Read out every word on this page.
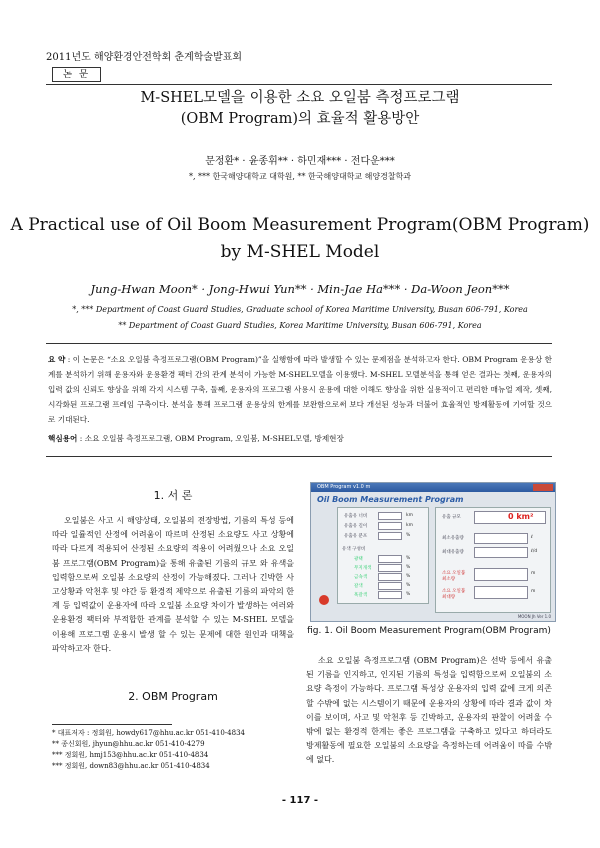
2011년도 해양환경안전학회 춘계학술발표회
논 문
M-SHEL모델을 이용한 소요 오일붐 측정프로그램
(OBM Program)의 효율적 활용방안
문정환* · 윤종휘** · 하민재*** · 전다운***
*, *** 한국해양대학교 대학원, ** 한국해양대학교 해양경찰학과
A Practical use of Oil Boom Measurement Program(OBM Program)
by M-SHEL Model
Jung-Hwan Moon* · Jong-Hwui Yun** · Min-Jae Ha*** · Da-Woon Jeon***
*, *** Department of Coast Guard Studies, Graduate school of Korea Maritime University, Busan 606-791, Korea
** Department of Coast Guard Studies, Korea Maritime University, Busan 606-791, Korea
요 약 : 이 논문은 “소요 오일붐 측정프로그램(OBM Program)”을 실행함에 따라 발생할 수 있는 문제점을 분석하고자 한다. OBM Program 운용상 한계를 분석하기 위해 운용자와 운용환경 팩터 간의 관계 분석이 가능한 M-SHEL모델을 이용했다. M-SHEL 모델분석을 통해 얻은 결과는 첫째, 운용자의 입력 값의 신뢰도 향상을 위해 각지 시스템 구축, 둘째, 운용자의 프로그램 사용시 운용에 대한 이해도 향상을 위한 실용적이고 편리한 매뉴얼 제작, 셋째, 시각화된 프로그램 프레임 구축이다. 분석을 통해 프로그램 운용상의 한계를 보완함으로써 보다 개선된 성능과 더불어 효율적인 방제활동에 기여할 것으로 기대된다.
핵심용어 : 소요 오일붐 측정프로그램, OBM Program, 오일붐, M-SHEL모델, 방제현장
1. 서 론
오일붐은 사고 시 해양상태, 오일붐의 전장방법, 기름의 특성 등에 따라 일률적인 산정에 어려움이 따르며 산정된 소요량도 사고 상황에 따라 다르게 적용되어 산정된 소요량의 적용이 어려웠으나 소요 오일붐 프로그램(OBM Program)을 통해 유출된 기름의 규모 와 유색을 입력함으로써 오일붐 소요량의 산정이 가능해졌다. 그러나 긴박한 사고상황과 악천후 및 야간 등 환경적 제약으로 유출된 기름의 파악의 한계 등 입력값이 운용자에 따라 오일붐 소요량 차이가 발생하는 여러와 운용환경 팩터와 부적합한 관계를 분석할 수 있는 M-SHEL 모델을 이용해 프로그램 운용시 발생 할 수 있는 문제에 대한 원인과 대책을 파악하고자 한다.
2. OBM Program
* 대표저자 : 정회원, howdy617@hhu.ac.kr 051-410-4834
** 종신회원, jhyun@hhu.ac.kr 051-410-4279
*** 정회원, hmj153@hhu.ac.kr 051-410-4834
*** 정회원, down83@hhu.ac.kr 051-410-4834
OBM Program v1.0 m
Oil Boom Measurement Program
유출유 너비	km
유출유 길이	km
유출유 분포	%
유색 구성비
광택	%
무지개색	%
금속색	%
갈색	%
흑갈색	%
유출 규모	0 km²
최소유출량	ℓ
최대유출량	ℓ/d
소요 오일붐 최소량
m
소요 오일붐 최대량
m
MOON Jh Ver 1.0
fig. 1. Oil Boom Measurement Program(OBM Program)
소요 오일붐 측정프로그램 (OBM Program)은 선박 등에서 유출된 기름을 인지하고, 인지된 기름의 특성을 입력함으로써 오일붐의 소요량 측정이 가능하다. 프로그램 특성상 운용자의 입력 값에 크게 의존 할 수밖에 없는 시스템이기 때문에 운용자의 상황에 따라 결과 값이 차이를 보이며, 사고 및 악천후 등 긴박하고, 운용자의 판찰이 어려울 수밖에 없는 환경적 한계는 좋은 프로그램을 구축하고 있다고 하더라도 방제활동에 필요한 오일붐의 소요량을 측정하는데 어려움이 따를 수밖에 없다.
- 117 -
